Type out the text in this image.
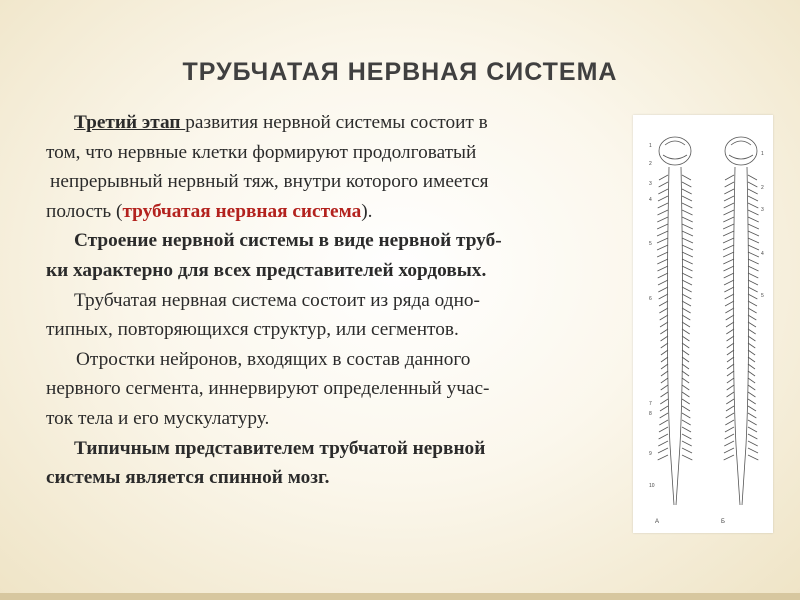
ТРУБЧАТАЯ НЕРВНАЯ СИСТЕМА
Третий этап развития нервной системы состоит в
том, что нервные клетки формируют продолговатый
непрерывный нервный тяж, внутри которого имеется
полость (трубчатая нервная система).
Строение нервной системы в виде нервной труб-
ки характерно для всех представителей хордовых.
Трубчатая нервная система состоит из ряда одно-
типных, повторяющихся структур, или сегментов.
Отростки нейронов, входящих в состав данного
нервного сегмента, иннервируют определенный учас-
ток тела и его мускулатуру.
Типичным представителем трубчатой нервной
системы является спинной мозг.
1
2
3
4
5
6
7
8
9
10
1
2
3
4
5
A	Б
